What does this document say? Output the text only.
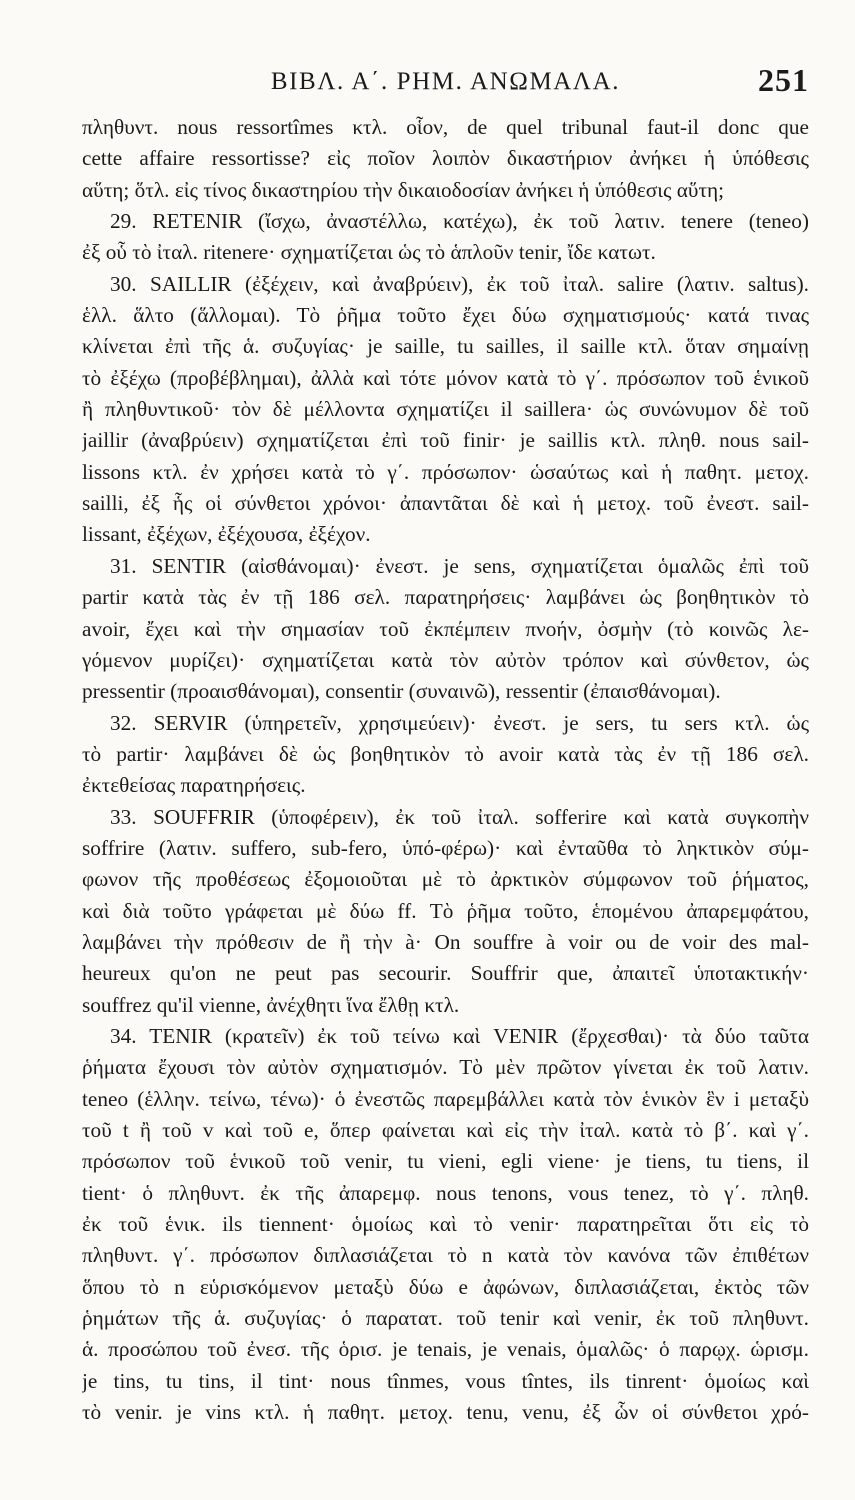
ΒΙΒΛ. Α΄. ΡΗΜ. ΑΝΩΜΑΛΑ.	251
πληθυντ. nous ressortîmes κτλ. οἷον, de quel tribunal faut-il donc que
cette affaire ressortisse? εἰς ποῖον λοιπὸν δικαστήριον ἀνήκει ἡ ὑπόθεσις
αὕτη; ὅτλ. εἰς τίνος δικαστηρίου τὴν δικαιοδοσίαν ἀνήκει ἡ ὑπόθεσις αὕτη;
29. RETENIR (ἴσχω, ἀναστέλλω, κατέχω), ἐκ τοῦ λατιν. tenere (teneo)
ἐξ οὗ τὸ ἰταλ. ritenere· σχηματίζεται ὡς τὸ ἁπλοῦν tenir, ἴδε κατωτ.
30. SAILLIR (ἐξέχειν, καὶ ἀναβρύειν), ἐκ τοῦ ἰταλ. salire (λατιν. saltus).
ἑλλ. ἅλτο (ἅλλομαι). Τὸ ῥῆμα τοῦτο ἔχει δύω σχηματισμούς· κατά τινας
κλίνεται ἐπὶ τῆς ἁ. συζυγίας· je saille, tu sailles, il saille κτλ. ὅταν σημαίνῃ
τὸ ἐξέχω (προβέβλημαι), ἀλλὰ καὶ τότε μόνον κατὰ τὸ γ΄. πρόσωπον τοῦ ἑνικοῦ
ἢ πληθυντικοῦ· τὸν δὲ μέλλοντα σχηματίζει il saillera· ὡς συνώνυμον δὲ τοῦ
jaillir (ἀναβρύειν) σχηματίζεται ἐπὶ τοῦ finir· je saillis κτλ. πληθ. nous sail-
lissons κτλ. ἐν χρήσει κατὰ τὸ γ΄. πρόσωπον· ὡσαύτως καὶ ἡ παθητ. μετοχ.
sailli, ἐξ ἧς οἱ σύνθετοι χρόνοι· ἀπαντᾶται δὲ καὶ ἡ μετοχ. τοῦ ἐνεστ. sail-
lissant, ἐξέχων, ἐξέχουσα, ἐξέχον.
31. SENTIR (αἰσθάνομαι)· ἐνεστ. je sens, σχηματίζεται ὁμαλῶς ἐπὶ τοῦ
partir κατὰ τὰς ἐν τῇ 186 σελ. παρατηρήσεις· λαμβάνει ὡς βοηθητικὸν τὸ
avoir, ἔχει καὶ τὴν σημασίαν τοῦ ἐκπέμπειν πνοήν, ὀσμὴν (τὸ κοινῶς λε-
γόμενον μυρίζει)· σχηματίζεται κατὰ τὸν αὐτὸν τρόπον καὶ σύνθετον, ὡς
pressentir (προαισθάνομαι), consentir (συναινῶ), ressentir (ἐπαισθάνομαι).
32. SERVIR (ὑπηρετεῖν, χρησιμεύειν)· ἐνεστ. je sers, tu sers κτλ. ὡς
τὸ partir· λαμβάνει δὲ ὡς βοηθητικὸν τὸ avoir κατὰ τὰς ἐν τῇ 186 σελ.
ἐκτεθείσας παρατηρήσεις.
33. SOUFFRIR (ὑποφέρειν), ἐκ τοῦ ἰταλ. sofferire καὶ κατὰ συγκοπὴν
soffrire (λατιν. suffero, sub-fero, ὑπό-φέρω)· καὶ ἐνταῦθα τὸ ληκτικὸν σύμ-
φωνον τῆς προθέσεως ἐξομοιοῦται μὲ τὸ ἀρκτικὸν σύμφωνον τοῦ ῥήματος,
καὶ διὰ τοῦτο γράφεται μὲ δύω ff. Τὸ ῥῆμα τοῦτο, ἑπομένου ἀπαρεμφάτου,
λαμβάνει τὴν πρόθεσιν de ἢ τὴν à· On souffre à voir ou de voir des mal-
heureux qu'on ne peut pas secourir. Souffrir que, ἀπαιτεῖ ὑποτακτικήν·
souffrez qu'il vienne, ἀνέχθητι ἵνα ἔλθῃ κτλ.
34. TENIR (κρατεῖν) ἐκ τοῦ τείνω καὶ VENIR (ἔρχεσθαι)· τὰ δύο ταῦτα
ῥήματα ἔχουσι τὸν αὐτὸν σχηματισμόν. Τὸ μὲν πρῶτον γίνεται ἐκ τοῦ λατιν.
teneo (ἑλλην. τείνω, τένω)· ὁ ἐνεστῶς παρεμβάλλει κατὰ τὸν ἑνικὸν ἓν i μεταξὺ
τοῦ t ἢ τοῦ v καὶ τοῦ e, ὅπερ φαίνεται καὶ εἰς τὴν ἰταλ. κατὰ τὸ β΄. καὶ γ΄.
πρόσωπον τοῦ ἑνικοῦ τοῦ venir, tu vieni, egli viene· je tiens, tu tiens, il
tient· ὁ πληθυντ. ἐκ τῆς ἀπαρεμφ. nous tenons, vous tenez, τὸ γ΄. πληθ.
ἐκ τοῦ ἑνικ. ils tiennent· ὁμοίως καὶ τὸ venir· παρατηρεῖται ὅτι εἰς τὸ
πληθυντ. γ΄. πρόσωπον διπλασιάζεται τὸ n κατὰ τὸν κανόνα τῶν ἐπιθέτων
ὅπου τὸ n εὑρισκόμενον μεταξὺ δύω e ἀφώνων, διπλασιάζεται, ἐκτὸς τῶν
ῥημάτων τῆς ἁ. συζυγίας· ὁ παρατατ. τοῦ tenir καὶ venir, ἐκ τοῦ πληθυντ.
ἁ. προσώπου τοῦ ἐνεσ. τῆς ὁρισ. je tenais, je venais, ὁμαλῶς· ὁ παρῳχ. ὡρισμ.
je tins, tu tins, il tint· nous tînmes, vous tîntes, ils tinrent· ὁμοίως καὶ
τὸ venir. je vins κτλ. ἡ παθητ. μετοχ. tenu, venu, ἐξ ὧν οἱ σύνθετοι χρό-
